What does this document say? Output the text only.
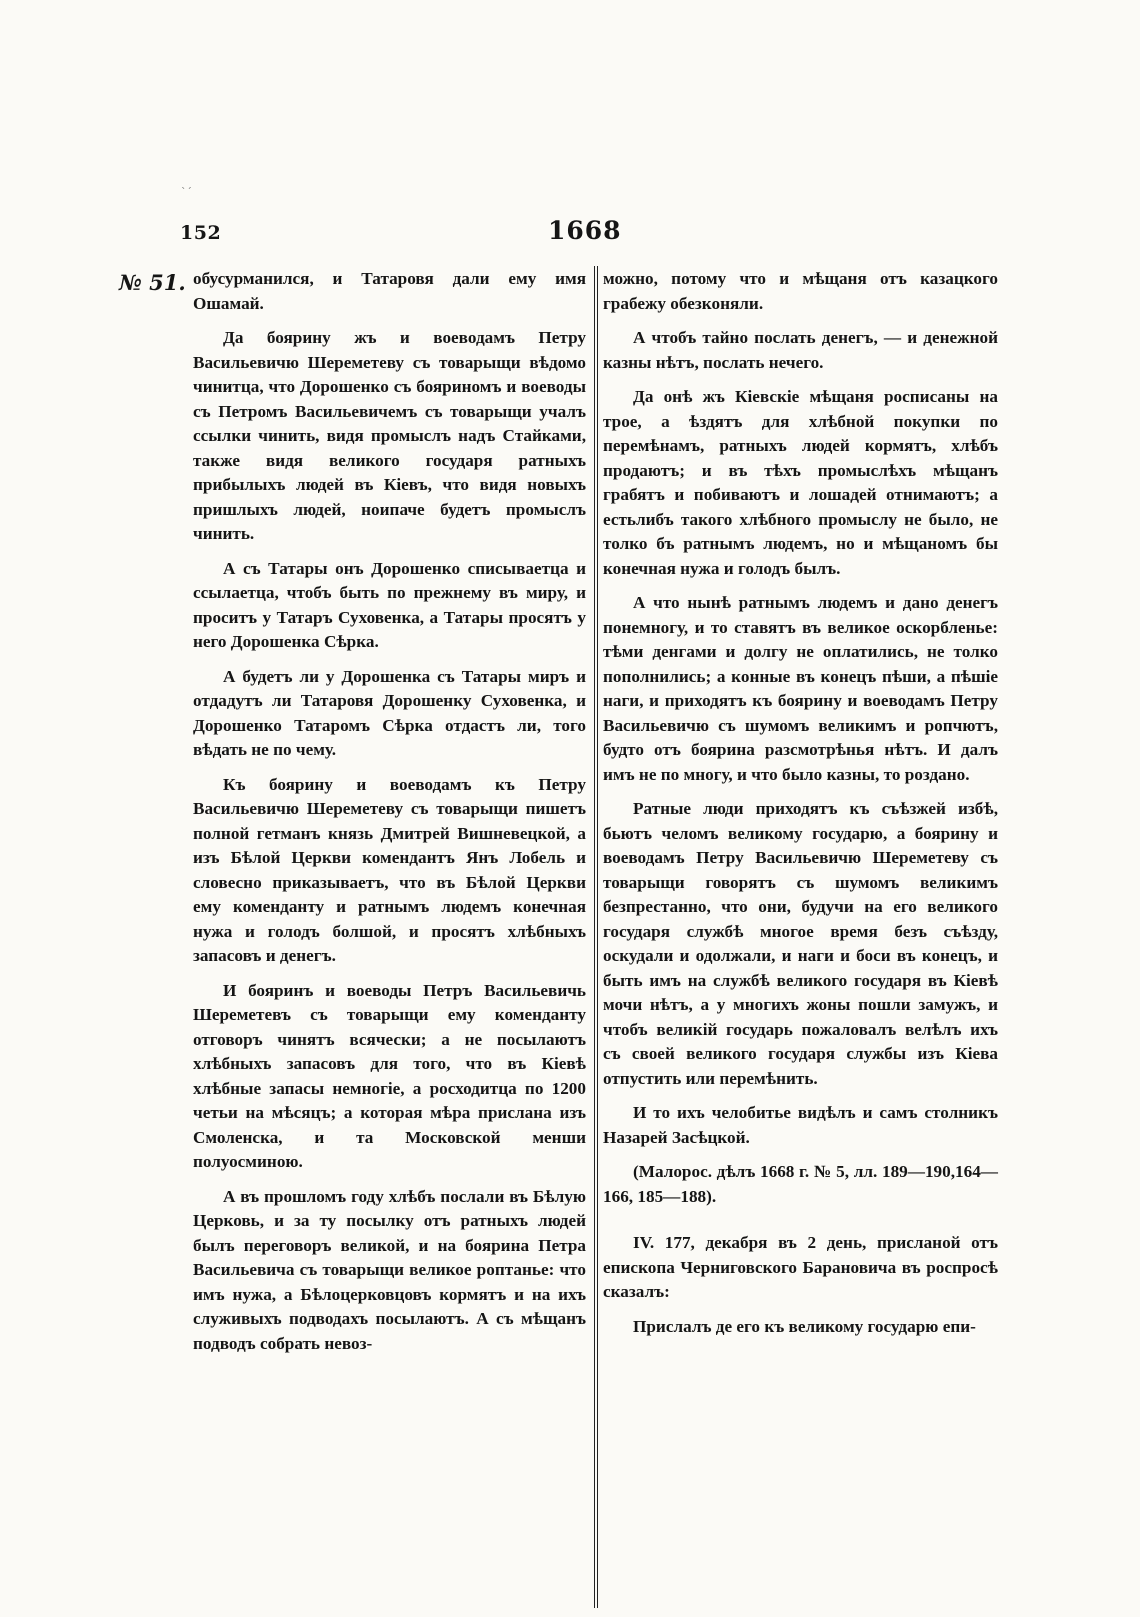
152	1668
№ 51.
ˋˊ

обусурманился, и Татаровя дали ему имя Ошамай.

Да боярину жъ и воеводамъ Петру Васильевичю Шереметеву съ товарыщи вѣдомо чинитца, что Дорошенко съ бояриномъ и воеводы съ Петромъ Васильевичемъ съ товарыщи учалъ ссылки чинить, видя промыслъ надъ Стайками, также видя великого государя ратныхъ прибылыхъ людей въ Кіевъ, что видя новыхъ пришлыхъ людей, ноипаче будетъ промыслъ чинить.

А съ Татары онъ Дорошенко списываетца и ссылаетца, чтобъ быть по прежнему въ миру, и проситъ у Татаръ Суховенка, а Татары просятъ у него Дорошенка Сѣрка.

А будетъ ли у Дорошенка съ Татары миръ и отдадутъ ли Татаровя Дорошенку Суховенка, и Дорошенко Татаромъ Сѣрка отдастъ ли, того вѣдать не по чему.

Къ боярину и воеводамъ къ Петру Васильевичю Шереметеву съ товарыщи пишетъ полной гетманъ князь Дмитрей Вишневецкой, а изъ Бѣлой Церкви комендантъ Янъ Лобель и словесно приказываетъ, что въ Бѣлой Церкви ему коменданту и ратнымъ людемъ конечная нужа и голодъ болшой, и просятъ хлѣбныхъ запасовъ и денегъ.

И бояринъ и воеводы Петръ Васильевичь Шереметевъ съ товарыщи ему коменданту отговоръ чинятъ всячески; а не посылаютъ хлѣбныхъ запасовъ для того, что въ Кіевѣ хлѣбные запасы немногіе, а росходитца по 1200 четьи на мѣсяцъ; а которая мѣра прислана изъ Смоленска, и та Московской менши полуосминою.

А въ прошломъ году хлѣбъ послали въ Бѣлую Церковь, и за ту посылку отъ ратныхъ людей былъ переговоръ великой, и на боярина Петра Васильевича съ товарыщи великое роптанье: что имъ нужа, а Бѣлоцерковцовъ кормятъ и на ихъ служивыхъ подводахъ посылаютъ. А съ мѣщанъ подводъ собрать невоз-

можно, потому что и мѣщаня отъ казацкого грабежу обезконяли.

А чтобъ тайно послать денегъ, — и денежной казны нѣтъ, послать нечего.

Да онѣ жъ Кіевскіе мѣщаня росписаны на трое, а ѣздятъ для хлѣбной покупки по перемѣнамъ, ратныхъ людей кормятъ, хлѣбъ продаютъ; и въ тѣхъ промыслѣхъ мѣщанъ грабятъ и побиваютъ и лошадей отнимаютъ; а естьлибъ такого хлѣбного промыслу не было, не толко бъ ратнымъ людемъ, но и мѣщаномъ бы конечная нужа и голодъ былъ.

А что нынѣ ратнымъ людемъ и дано денегъ понемногу, и то ставятъ въ великое оскорбленье: тѣми денгами и долгу не оплатились, не толко пополнились; а конные въ конецъ пѣши, а пѣшіе наги, и приходятъ къ боярину и воеводамъ Петру Васильевичю съ шумомъ великимъ и ропчютъ, будто отъ боярина разсмотрѣнья нѣтъ. И далъ имъ не по многу, и что было казны, то роздано.

Ратные люди приходятъ къ съѣзжей избѣ, бьютъ челомъ великому государю, а боярину и воеводамъ Петру Васильевичю Шереметеву съ товарыщи говорятъ съ шумомъ великимъ безпрестанно, что они, будучи на его великого государя службѣ многое время безъ съѣзду, оскудали и одолжали, и наги и боси въ конецъ, и быть имъ на службѣ великого государя въ Кіевѣ мочи нѣтъ, а у многихъ жоны пошли замужъ, и чтобъ великій государь пожаловалъ велѣлъ ихъ съ своей великого государя службы изъ Кіева отпустить или перемѣнить.

И то ихъ челобитье видѣлъ и самъ столникъ Назарей Засѣцкой.

(Малорос. дѣлъ 1668 г. № 5, лл. 189—190,164—166, 185—188).

IV. 177, декабря въ 2 день, присланой отъ епископа Черниговского Барановича въ роспросѣ сказалъ:

Прислалъ де его къ великому государю епи-
